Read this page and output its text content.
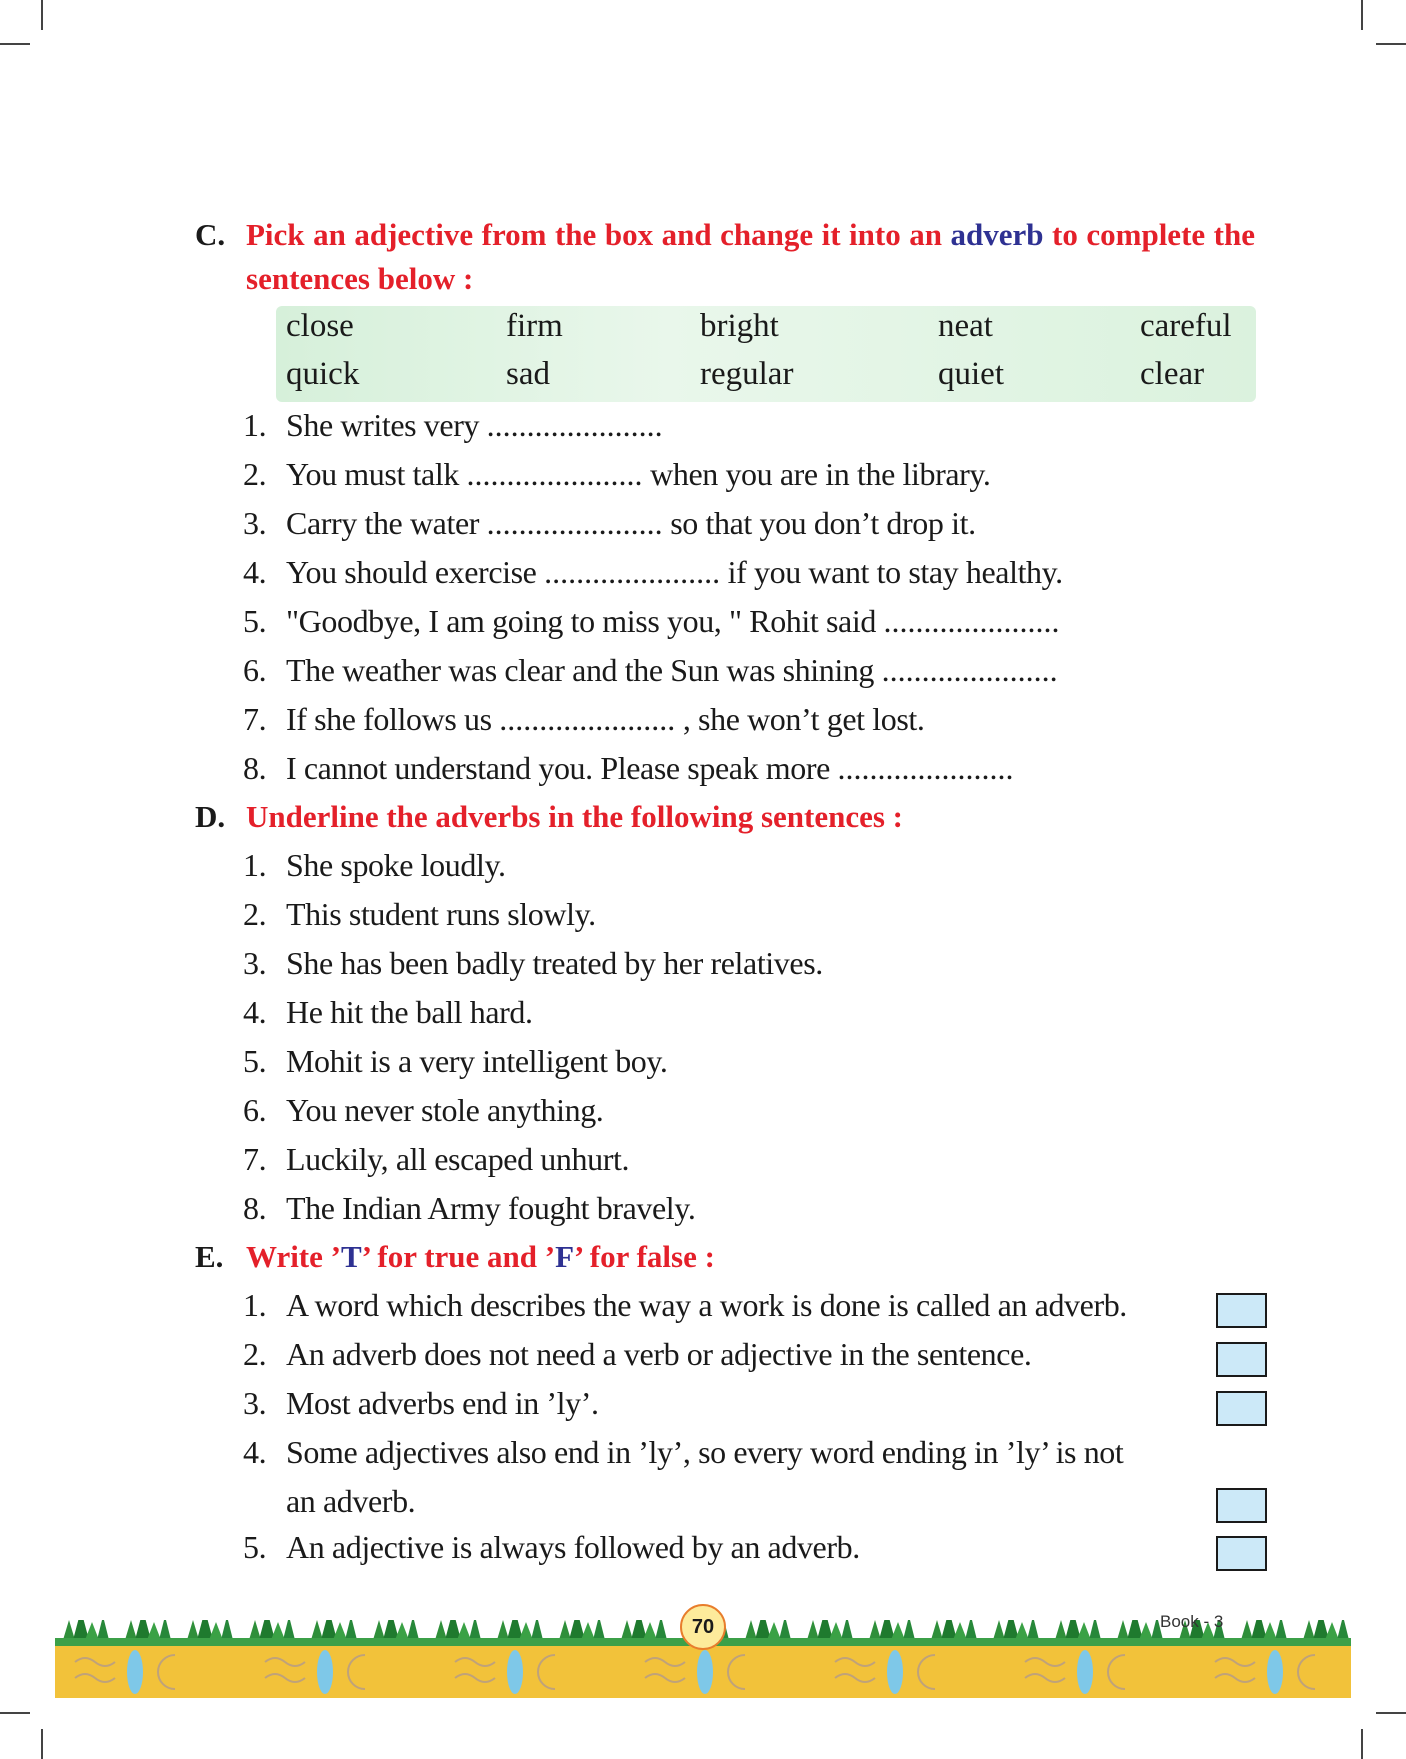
C. Pick an adjective from the box and change it into an adverb to complete the sentences below :
close	firm	bright	neat	careful
quick	sad	regular	quiet	clear
1. She writes very ......................
2. You must talk ...................... when you are in the library.
3. Carry the water ...................... so that you don’t drop it.
4. You should exercise ...................... if you want to stay healthy.
5. "Goodbye, I am going to miss you, " Rohit said ......................
6. The weather was clear and the Sun was shining ......................
7. If she follows us ...................... , she won’t get lost.
8. I cannot understand you. Please speak more ......................
D. Underline the adverbs in the following sentences :
1. She spoke loudly.
2. This student runs slowly.
3. She has been badly treated by her relatives.
4. He hit the ball hard.
5. Mohit is a very intelligent boy.
6. You never stole anything.
7. Luckily, all escaped unhurt.
8. The Indian Army fought bravely.
E. Write ’T’ for true and ’F’ for false :
1. A word which describes the way a work is done is called an adverb.
2. An adverb does not need a verb or adjective in the sentence.
3. Most adverbs end in ’ly’.
4. Some adjectives also end in ’ly’, so every word ending in ’ly’ is not
an adverb.
5. An adjective is always followed by an adverb.
70	Book - 3
